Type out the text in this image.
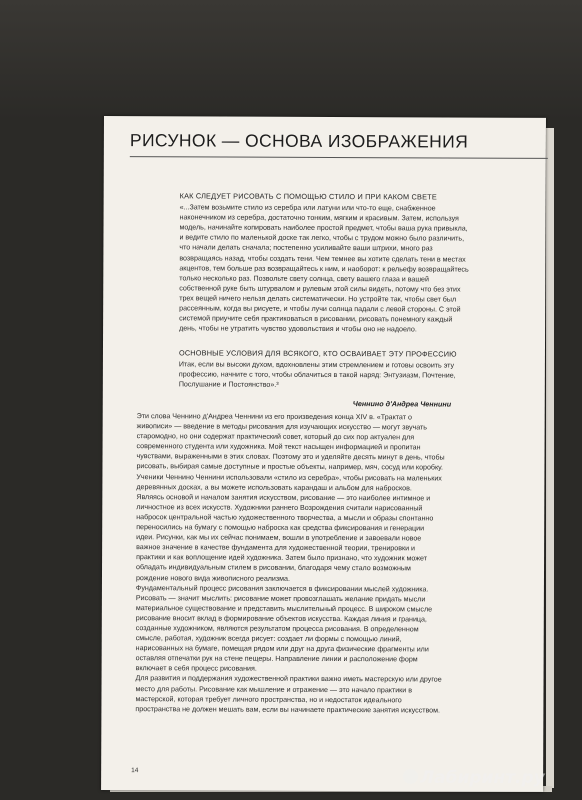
РИСУНОК — ОСНОВА ИЗОБРАЖЕНИЯ
КАК СЛЕДУЕТ РИСОВАТЬ С ПОМОЩЬЮ СТИЛО И ПРИ КАКОМ СВЕТЕ
«...Затем возьмите стило из серебра или латуни или что-то еще, снабженное
наконечником из серебра, достаточно тонким, мягким и красивым. Затем, используя
модель, начинайте копировать наиболее простой предмет, чтобы ваша рука привыкла,
и ведите стило по маленькой доске так легко, чтобы с трудом можно было различить,
что начали делать сначала; постепенно усиливайте ваши штрихи, много раз
возвращаясь назад, чтобы создать тени. Чем темнее вы хотите сделать тени в местах
акцентов, тем больше раз возвращайтесь к ним, и наоборот: к рельефу возвращайтесь
только несколько раз. Позвольте свету солнца, свету вашего глаза и вашей
собственной руке быть штурвалом и рулевым этой силы видеть, потому что без этих
трех вещей ничего нельзя делать систематически. Но устройте так, чтобы свет был
рассеянным, когда вы рисуете, и чтобы лучи солнца падали с левой стороны. С этой
системой приучите себя практиковаться в рисовании, рисовать понемногу каждый
день, чтобы не утратить чувство удовольствия и чтобы оно не надоело.
ОСНОВНЫЕ УСЛОВИЯ ДЛЯ ВСЯКОГО, КТО ОСВАИВАЕТ ЭТУ ПРОФЕССИЮ
Итак, если вы высоки духом, вдохновлены этим стремлением и готовы освоить эту
профессию, начните с того, чтобы облачиться в такой наряд: Энтузиазм, Почтение,
Послушание и Постоянство».³
Ченнино д'Андреа Ченнини
Эти слова Ченнино д'Андреа Ченнини из его произведения конца XIV в. «Трактат о
живописи» — введение в методы рисования для изучающих искусство — могут звучать
старомодно, но они содержат практический совет, который до сих пор актуален для
современного студента или художника. Мой текст насыщен информацией и пропитан
чувствами, выраженными в этих словах. Поэтому это и уделяйте десять минут в день, чтобы
рисовать, выбирая самые доступные и простые объекты, например, мяч, сосуд или коробку.
Ученики Ченнино Ченнини использовали «стило из серебра», чтобы рисовать на маленьких
деревянных досках, а вы можете использовать карандаш и альбом для набросков.
Являясь основой и началом занятия искусством, рисование — это наиболее интимное и
личностное из всех искусств. Художники раннего Возрождения считали нарисованный
набросок центральной частью художественного творчества, а мысли и образы спонтанно
переносились на бумагу с помощью наброска как средства фиксирования и генерации
идеи. Рисунки, как мы их сейчас понимаем, вошли в употребление и завоевали новое
важное значение в качестве фундамента для художественной теории, тренировки и
практики и как воплощение идей художника. Затем было признано, что художник может
обладать индивидуальным стилем в рисовании, благодаря чему стало возможным
рождение нового вида живописного реализма.
Фундаментальный процесс рисования заключается в фиксировании мыслей художника.
Рисовать — значит мыслить: рисование может провозглашать желание придать мысли
материальное существование и представить мыслительный процесс. В широком смысле
рисование вносит вклад в формирование объектов искусства. Каждая линия и граница,
созданные художником, являются результатом процесса рисования. В определенном
смысле, работая, художник всегда рисует: создает ли формы с помощью линий,
нарисованных на бумаге, помещая рядом или друг на друга физические фрагменты или
оставляя отпечатки рук на стене пещеры. Направление линии и расположение форм
включает в себя процесс рисования.
Для развития и поддержания художественной практики важно иметь мастерскую или другое
место для работы. Рисование как мышление и отражение — это начало практики в
мастерской, которая требует личного пространства, но и недостаток идеального
пространства не должен мешать вам, если вы начинаете практические занятия искусством.
14	Лабиринт.ру
